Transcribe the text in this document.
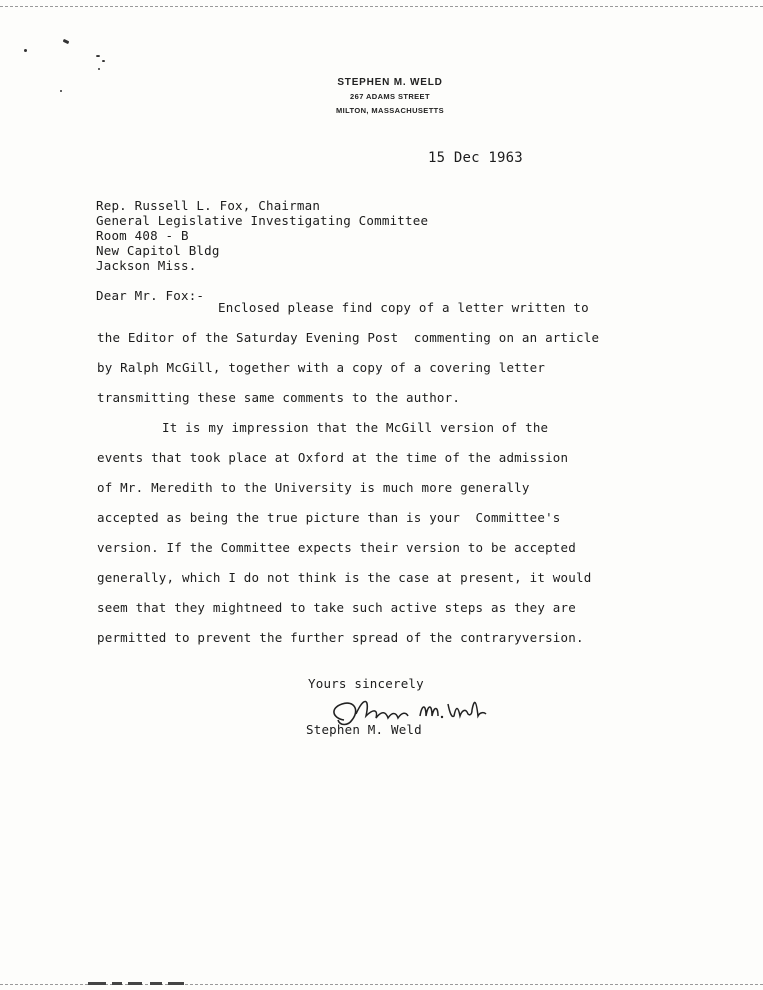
STEPHEN M. WELD
267 ADAMS STREET
MILTON, MASSACHUSETTS
15 Dec 1963
Rep. Russell L. Fox, Chairman
General Legislative Investigating Committee
Room 408 - B
New Capitol Bldg
Jackson Miss.
Dear Mr. Fox:-
Enclosed please find copy of a letter written to
the Editor of the Saturday Evening Post  commenting on an article
by Ralph McGill, together with a copy of a covering letter
transmitting these same comments to the author.
It is my impression that the McGill version of the
events that took place at Oxford at the time of the admission
of Mr. Meredith to the University is much more generally
accepted as being the true picture than is your  Committee's
version. If the Committee expects their version to be accepted
generally, which I do not think is the case at present, it would
seem that they mightneed to take such active steps as they are
permitted to prevent the further spread of the contraryversion.
Yours sincerely
Stephen M. Weld
